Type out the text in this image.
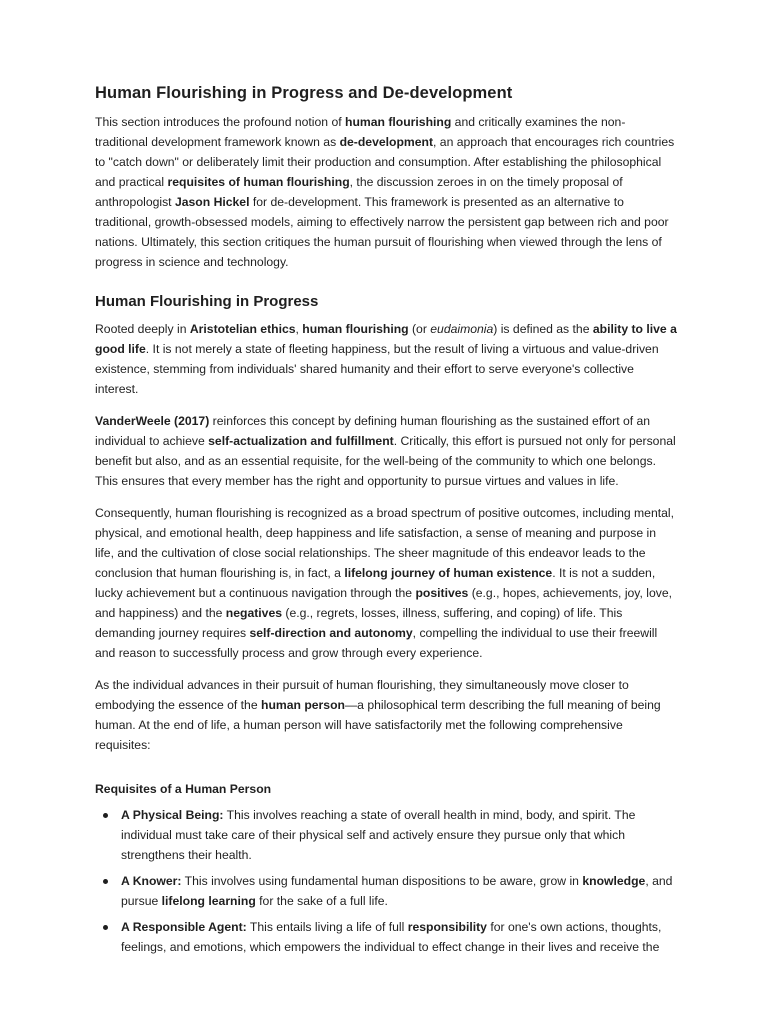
Human Flourishing in Progress and De-development

This section introduces the profound notion of human flourishing and critically examines the non-traditional development framework known as de-development, an approach that encourages rich countries to "catch down" or deliberately limit their production and consumption. After establishing the philosophical and practical requisites of human flourishing, the discussion zeroes in on the timely proposal of anthropologist Jason Hickel for de-development. This framework is presented as an alternative to traditional, growth-obsessed models, aiming to effectively narrow the persistent gap between rich and poor nations. Ultimately, this section critiques the human pursuit of flourishing when viewed through the lens of progress in science and technology.

Human Flourishing in Progress

Rooted deeply in Aristotelian ethics, human flourishing (or eudaimonia) is defined as the ability to live a good life. It is not merely a state of fleeting happiness, but the result of living a virtuous and value-driven existence, stemming from individuals' shared humanity and their effort to serve everyone's collective interest.

VanderWeele (2017) reinforces this concept by defining human flourishing as the sustained effort of an individual to achieve self-actualization and fulfillment. Critically, this effort is pursued not only for personal benefit but also, and as an essential requisite, for the well-being of the community to which one belongs. This ensures that every member has the right and opportunity to pursue virtues and values in life.

Consequently, human flourishing is recognized as a broad spectrum of positive outcomes, including mental, physical, and emotional health, deep happiness and life satisfaction, a sense of meaning and purpose in life, and the cultivation of close social relationships. The sheer magnitude of this endeavor leads to the conclusion that human flourishing is, in fact, a lifelong journey of human existence. It is not a sudden, lucky achievement but a continuous navigation through the positives (e.g., hopes, achievements, joy, love, and happiness) and the negatives (e.g., regrets, losses, illness, suffering, and coping) of life. This demanding journey requires self-direction and autonomy, compelling the individual to use their freewill and reason to successfully process and grow through every experience.

As the individual advances in their pursuit of human flourishing, they simultaneously move closer to embodying the essence of the human person—a philosophical term describing the full meaning of being human. At the end of life, a human person will have satisfactorily met the following comprehensive requisites:

Requisites of a Human Person
A Physical Being: This involves reaching a state of overall health in mind, body, and spirit. The individual must take care of their physical self and actively ensure they pursue only that which strengthens their health.
A Knower: This involves using fundamental human dispositions to be aware, grow in knowledge, and pursue lifelong learning for the sake of a full life.
A Responsible Agent: This entails living a life of full responsibility for one's own actions, thoughts, feelings, and emotions, which empowers the individual to effect change in their lives and receive the
